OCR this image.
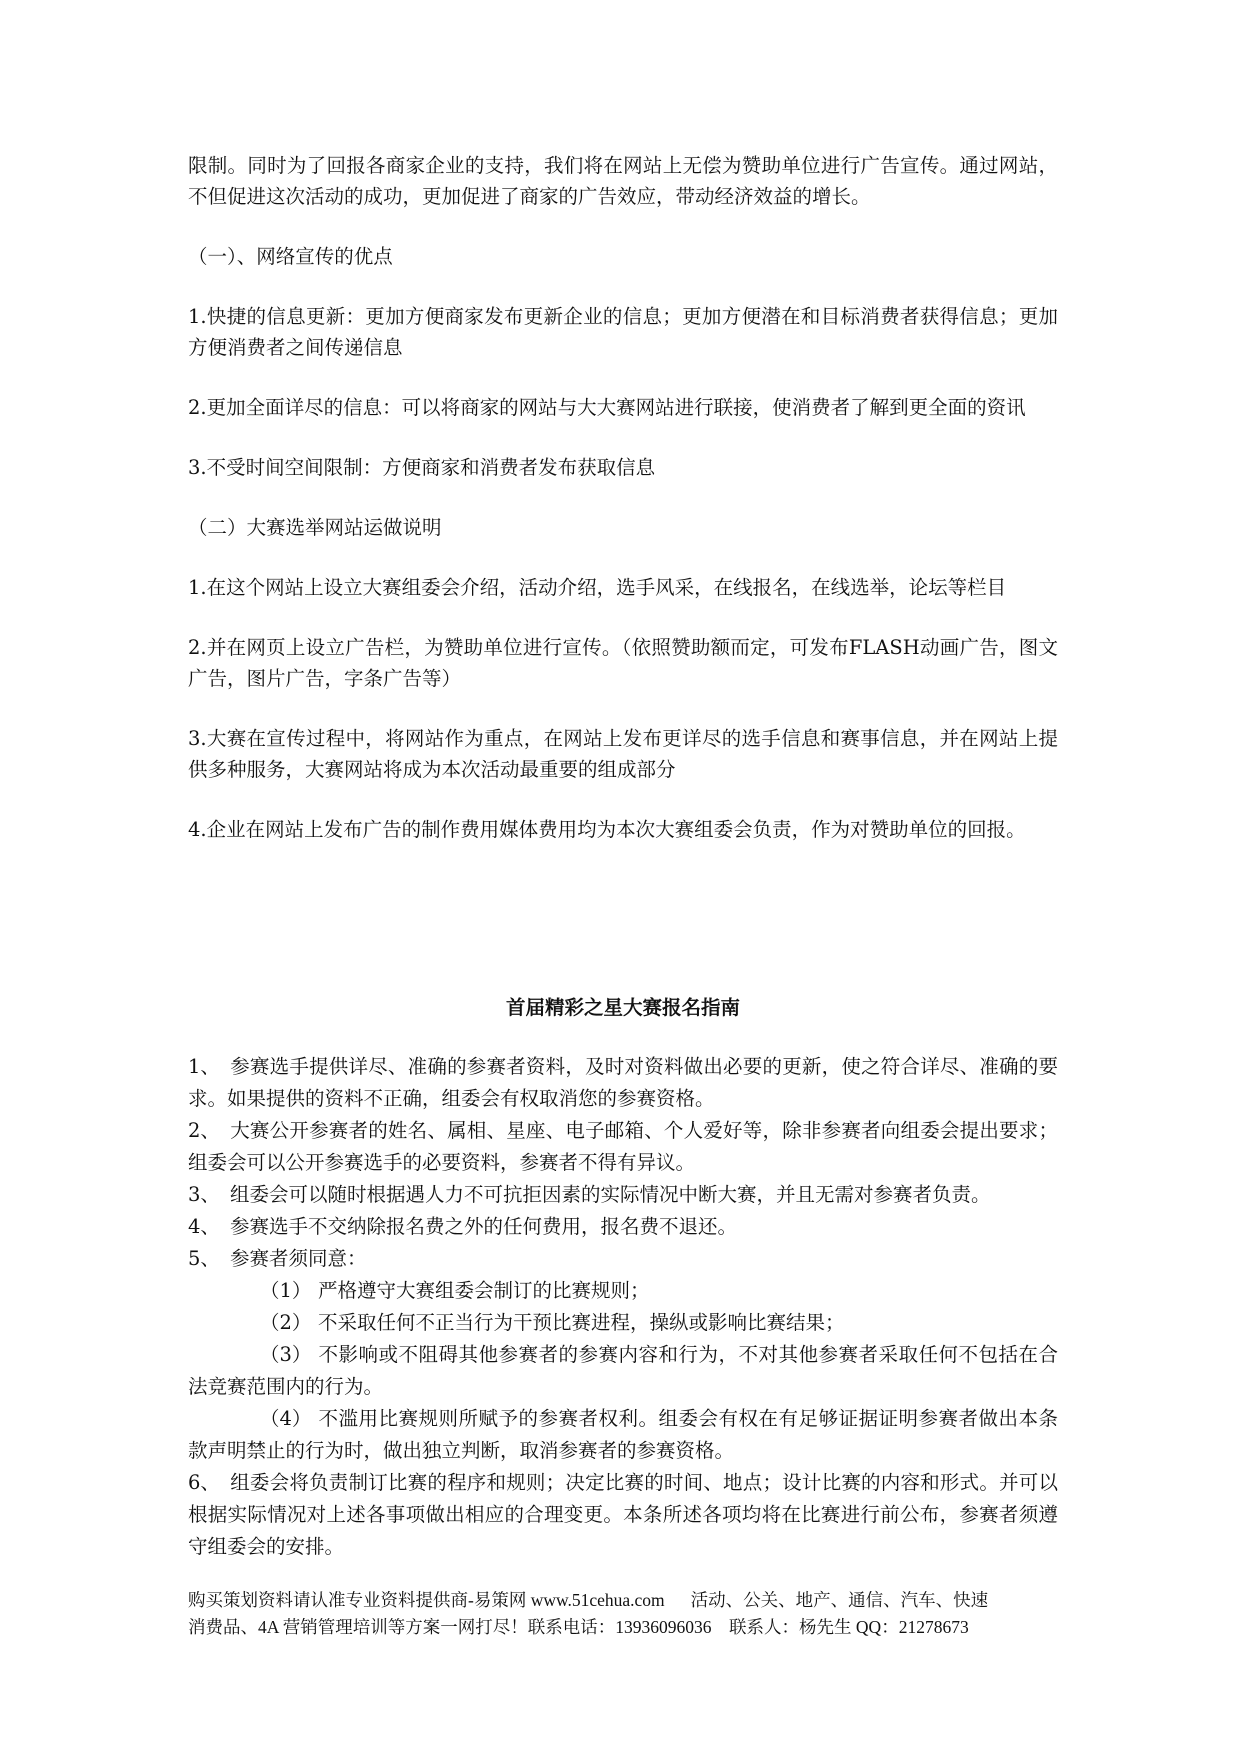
限制。同时为了回报各商家企业的支持，我们将在网站上无偿为赞助单位进行广告宣传。通过网站，不但促进这次活动的成功，更加促进了商家的广告效应，带动经济效益的增长。

（一）、网络宣传的优点

1.快捷的信息更新：更加方便商家发布更新企业的信息；更加方便潜在和目标消费者获得信息；更加方便消费者之间传递信息

2.更加全面详尽的信息：可以将商家的网站与大大赛网站进行联接，使消费者了解到更全面的资讯

3.不受时间空间限制：方便商家和消费者发布获取信息

（二）大赛选举网站运做说明

1.在这个网站上设立大赛组委会介绍，活动介绍，选手风采，在线报名，在线选举，论坛等栏目

2.并在网页上设立广告栏，为赞助单位进行宣传。（依照赞助额而定，可发布FLASH动画广告，图文广告，图片广告，字条广告等）

3.大赛在宣传过程中，将网站作为重点，在网站上发布更详尽的选手信息和赛事信息，并在网站上提供多种服务，大赛网站将成为本次活动最重要的组成部分

4.企业在网站上发布广告的制作费用媒体费用均为本次大赛组委会负责，作为对赞助单位的回报。

首届精彩之星大赛报名指南

1、 参赛选手提供详尽、准确的参赛者资料，及时对资料做出必要的更新，使之符合详尽、准确的要求。如果提供的资料不正确，组委会有权取消您的参赛资格。

2、 大赛公开参赛者的姓名、属相、星座、电子邮箱、个人爱好等，除非参赛者向组委会提出要求；组委会可以公开参赛选手的必要资料，参赛者不得有异议。

3、 组委会可以随时根据遇人力不可抗拒因素的实际情况中断大赛，并且无需对参赛者负责。

4、 参赛选手不交纳除报名费之外的任何费用，报名费不退还。

5、 参赛者须同意：

（1） 严格遵守大赛组委会制订的比赛规则；

（2） 不采取任何不正当行为干预比赛进程，操纵或影响比赛结果；

（3） 不影响或不阻碍其他参赛者的参赛内容和行为，不对其他参赛者采取任何不包括在合法竞赛范围内的行为。

（4） 不滥用比赛规则所赋予的参赛者权利。组委会有权在有足够证据证明参赛者做出本条款声明禁止的行为时，做出独立判断，取消参赛者的参赛资格。

6、 组委会将负责制订比赛的程序和规则；决定比赛的时间、地点；设计比赛的内容和形式。并可以根据实际情况对上述各事项做出相应的合理变更。本条所述各项均将在比赛进行前公布，参赛者须遵守组委会的安排。

购买策划资料请认准专业资料提供商-易策网 www.51cehua.com 活动、公关、地产、通信、汽车、快速
消费品、4A 营销管理培训等方案一网打尽！联系电话：13936096036　联系人：杨先生 QQ：21278673
